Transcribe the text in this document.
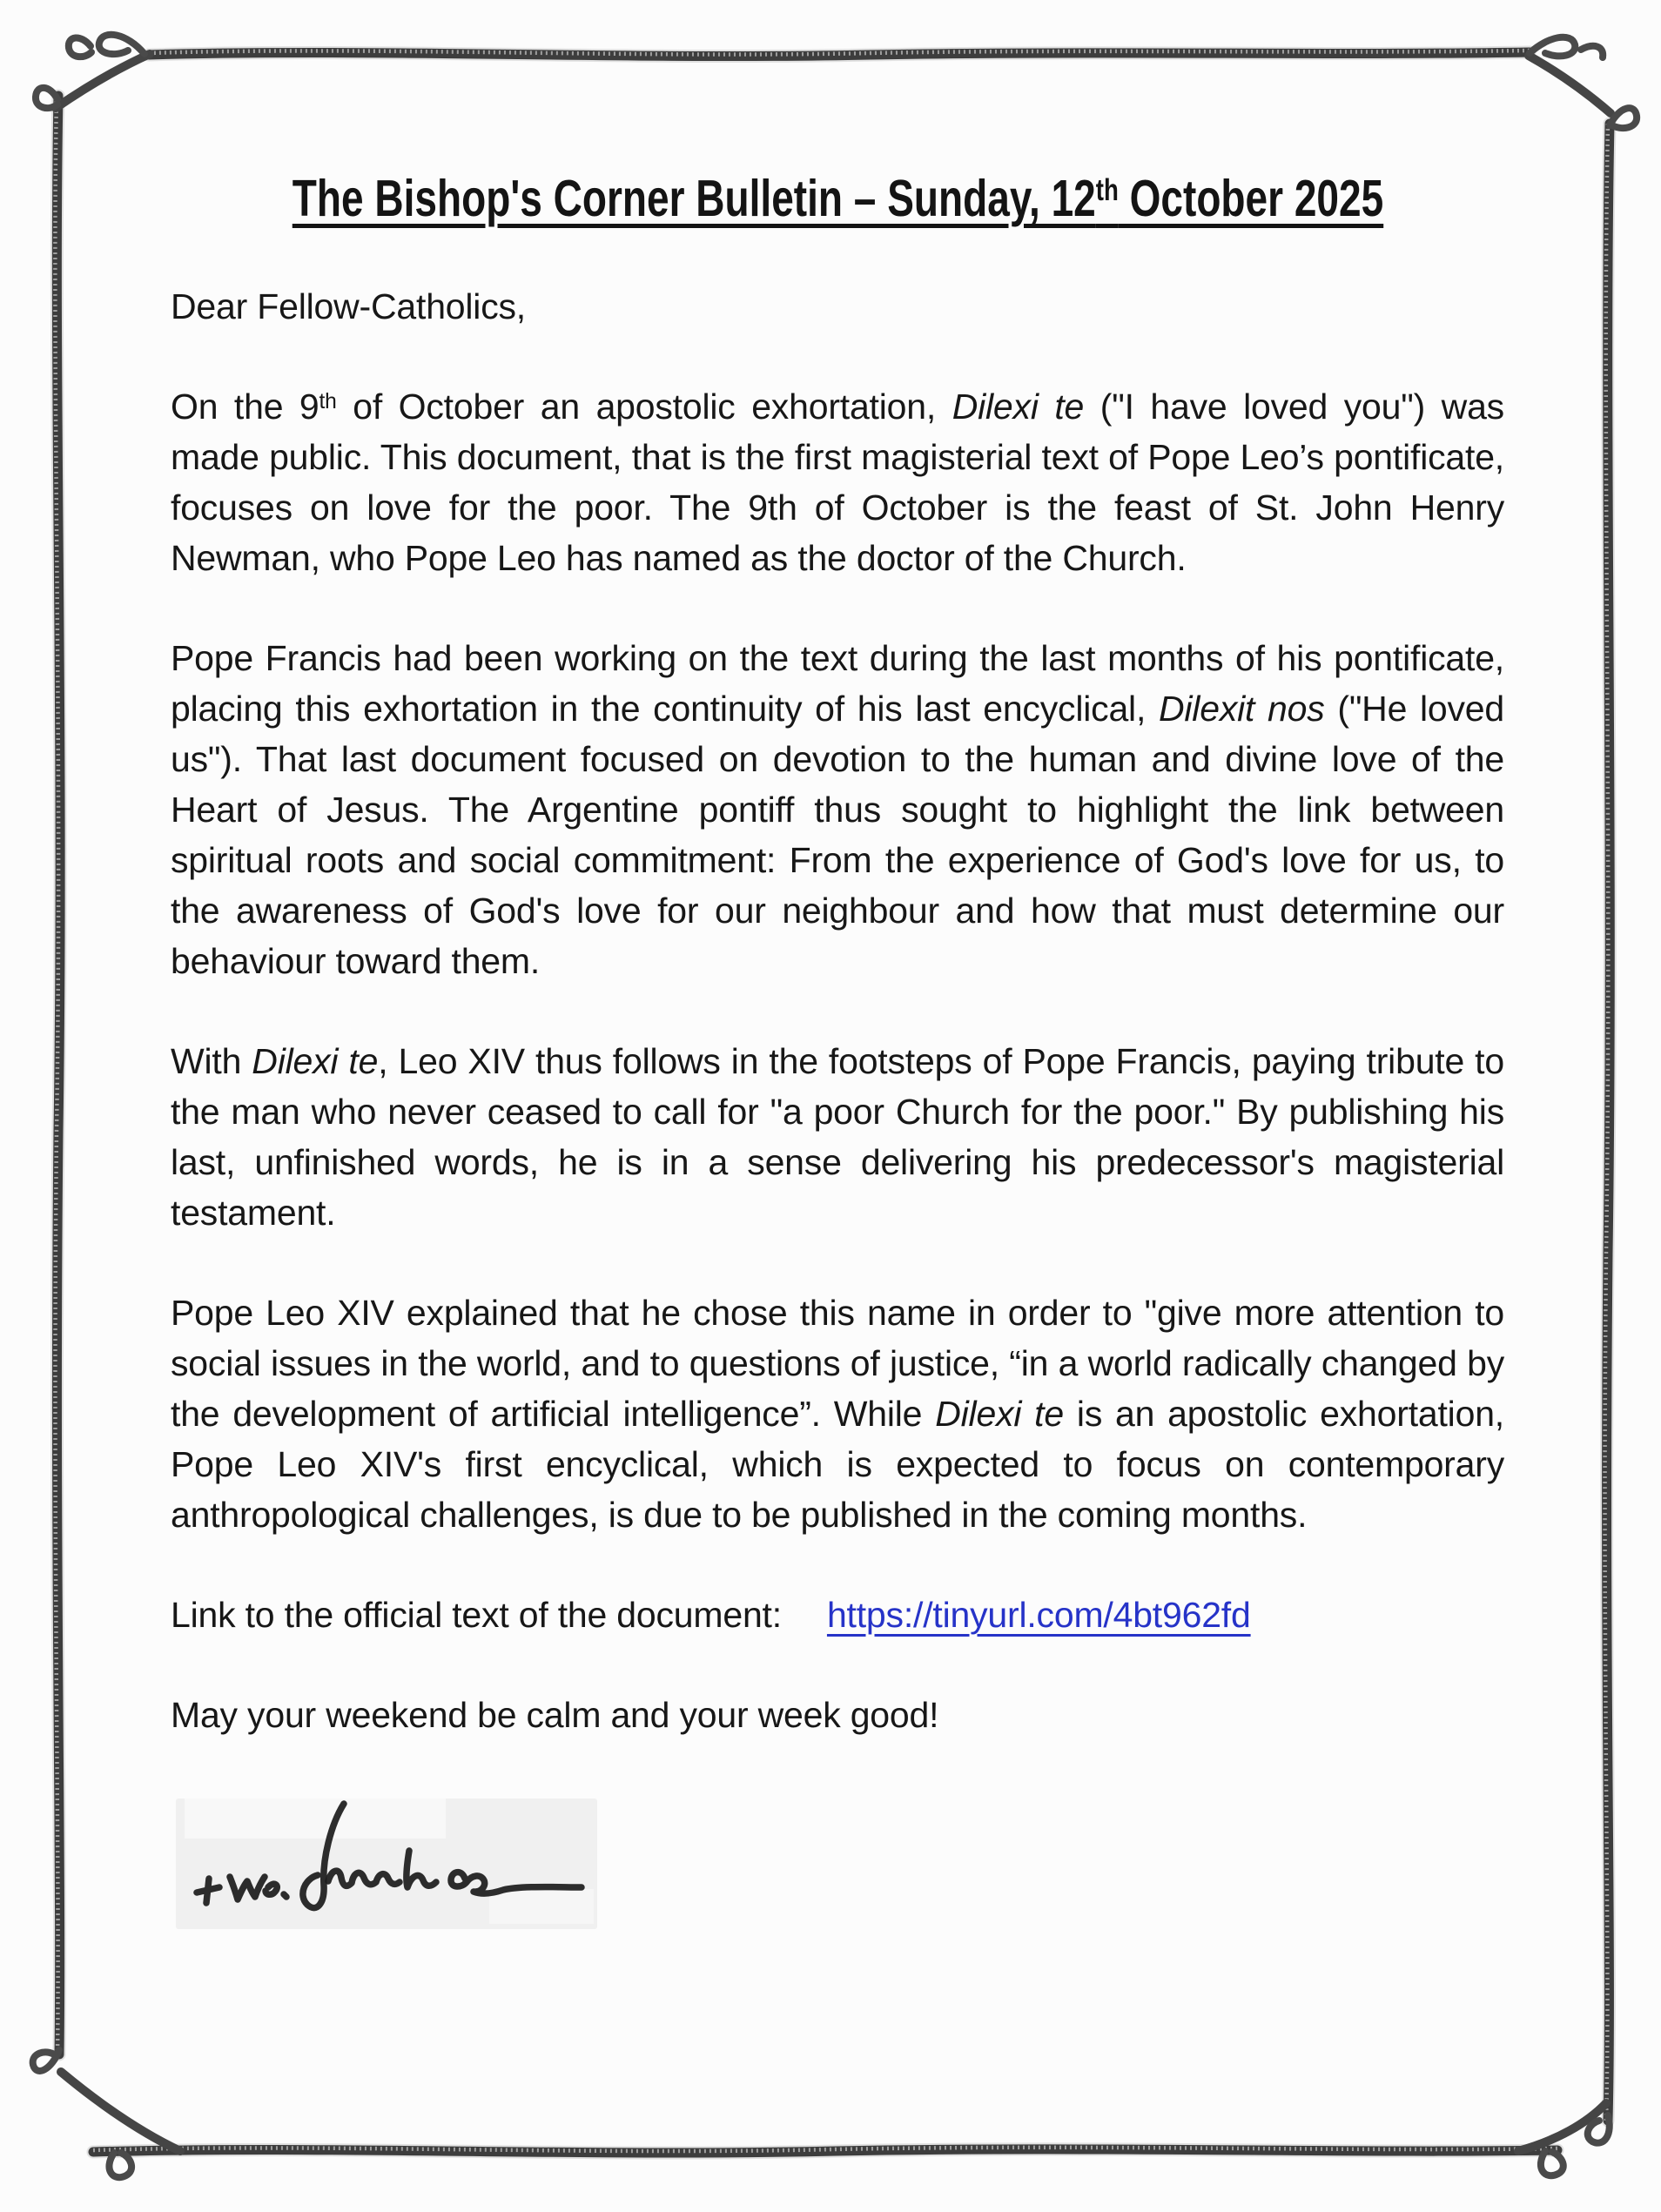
The Bishop's Corner Bulletin – Sunday, 12th October 2025

Dear Fellow-Catholics,

On the 9th of October an apostolic exhortation, Dilexi te ("I have loved you") was made public. This document, that is the first magisterial text of Pope Leo’s pontificate, focuses on love for the poor. The 9th of October is the feast of St. John Henry Newman, who Pope Leo has named as the doctor of the Church.

Pope Francis had been working on the text during the last months of his pontificate, placing this exhortation in the continuity of his last encyclical, Dilexit nos ("He loved us"). That last document focused on devotion to the human and divine love of the Heart of Jesus. The Argentine pontiff thus sought to highlight the link between spiritual roots and social commitment: From the experience of God's love for us, to the awareness of God's love for our neighbour and how that must determine our behaviour toward them.

With Dilexi te, Leo XIV thus follows in the footsteps of Pope Francis, paying tribute to the man who never ceased to call for "a poor Church for the poor." By publishing his last, unfinished words, he is in a sense delivering his predecessor's magisterial testament.

Pope Leo XIV explained that he chose this name in order to "give more attention to social issues in the world, and to questions of justice, “in a world radically changed by the development of artificial intelligence”. While Dilexi te is an apostolic exhortation, Pope Leo XIV's first encyclical, which is expected to focus on contemporary anthropological challenges, is due to be published in the coming months.

Link to the official text of the document: https://tinyurl.com/4bt962fd

May your weekend be calm and your week good!
